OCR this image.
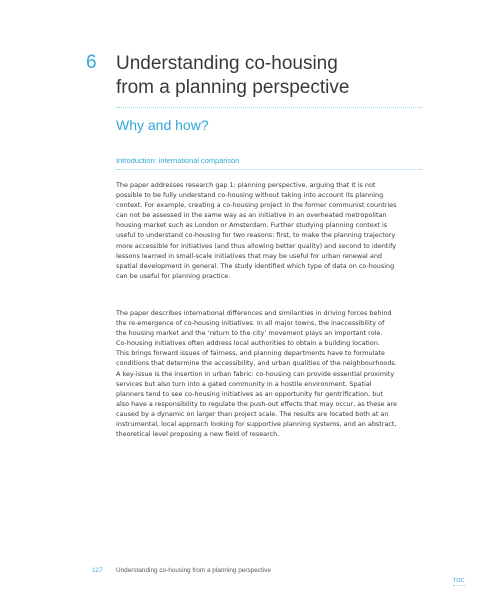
6 Understanding co-housing
from a planning perspective
Why and how?
Introduction: international comparison

The paper addresses research gap 1: planning perspective, arguing that it is not
possible to be fully understand co-housing without taking into account its planning
context. For example, creating a co-housing project in the former communist countries
can not be assessed in the same way as an initiative in an overheated metropolitan
housing market such as London or Amsterdam. Further studying planning context is
useful to understand co-housing for two reasons: first, to make the planning trajectory
more accessible for initiatives (and thus allowing better quality) and second to identify
lessons learned in small-scale initiatives that may be useful for urban renewal and
spatial development in general. The study identified which type of data on co-housing
can be useful for planning practice.

The paper describes international differences and similarities in driving forces behind
the re-emergence of co-housing initiatives. In all major towns, the inaccessibility of
the housing market and the ‘return to the city’ movement plays an important role.
Co-housing initiatives often address local authorities to obtain a building location.
This brings forward issues of fairness, and planning departments have to formulate
conditions that determine the accessibility, and urban qualities of the neighbourhoods.
A key-issue is the insertion in urban fabric: co-housing can provide essential proximity
services but also turn into a gated community in a hostile environment. Spatial
planners tend to see co-housing initiatives as an opportunity for gentrification, but
also have a responsibility to regulate the push-out effects that may occur, as these are
caused by a dynamic on larger than project scale. The results are located both at an
instrumental, local approach looking for supportive planning systems, and an abstract,
theoretical level proposing a new field of research.

127 Understanding co-housing from a planning perspective
TOC
